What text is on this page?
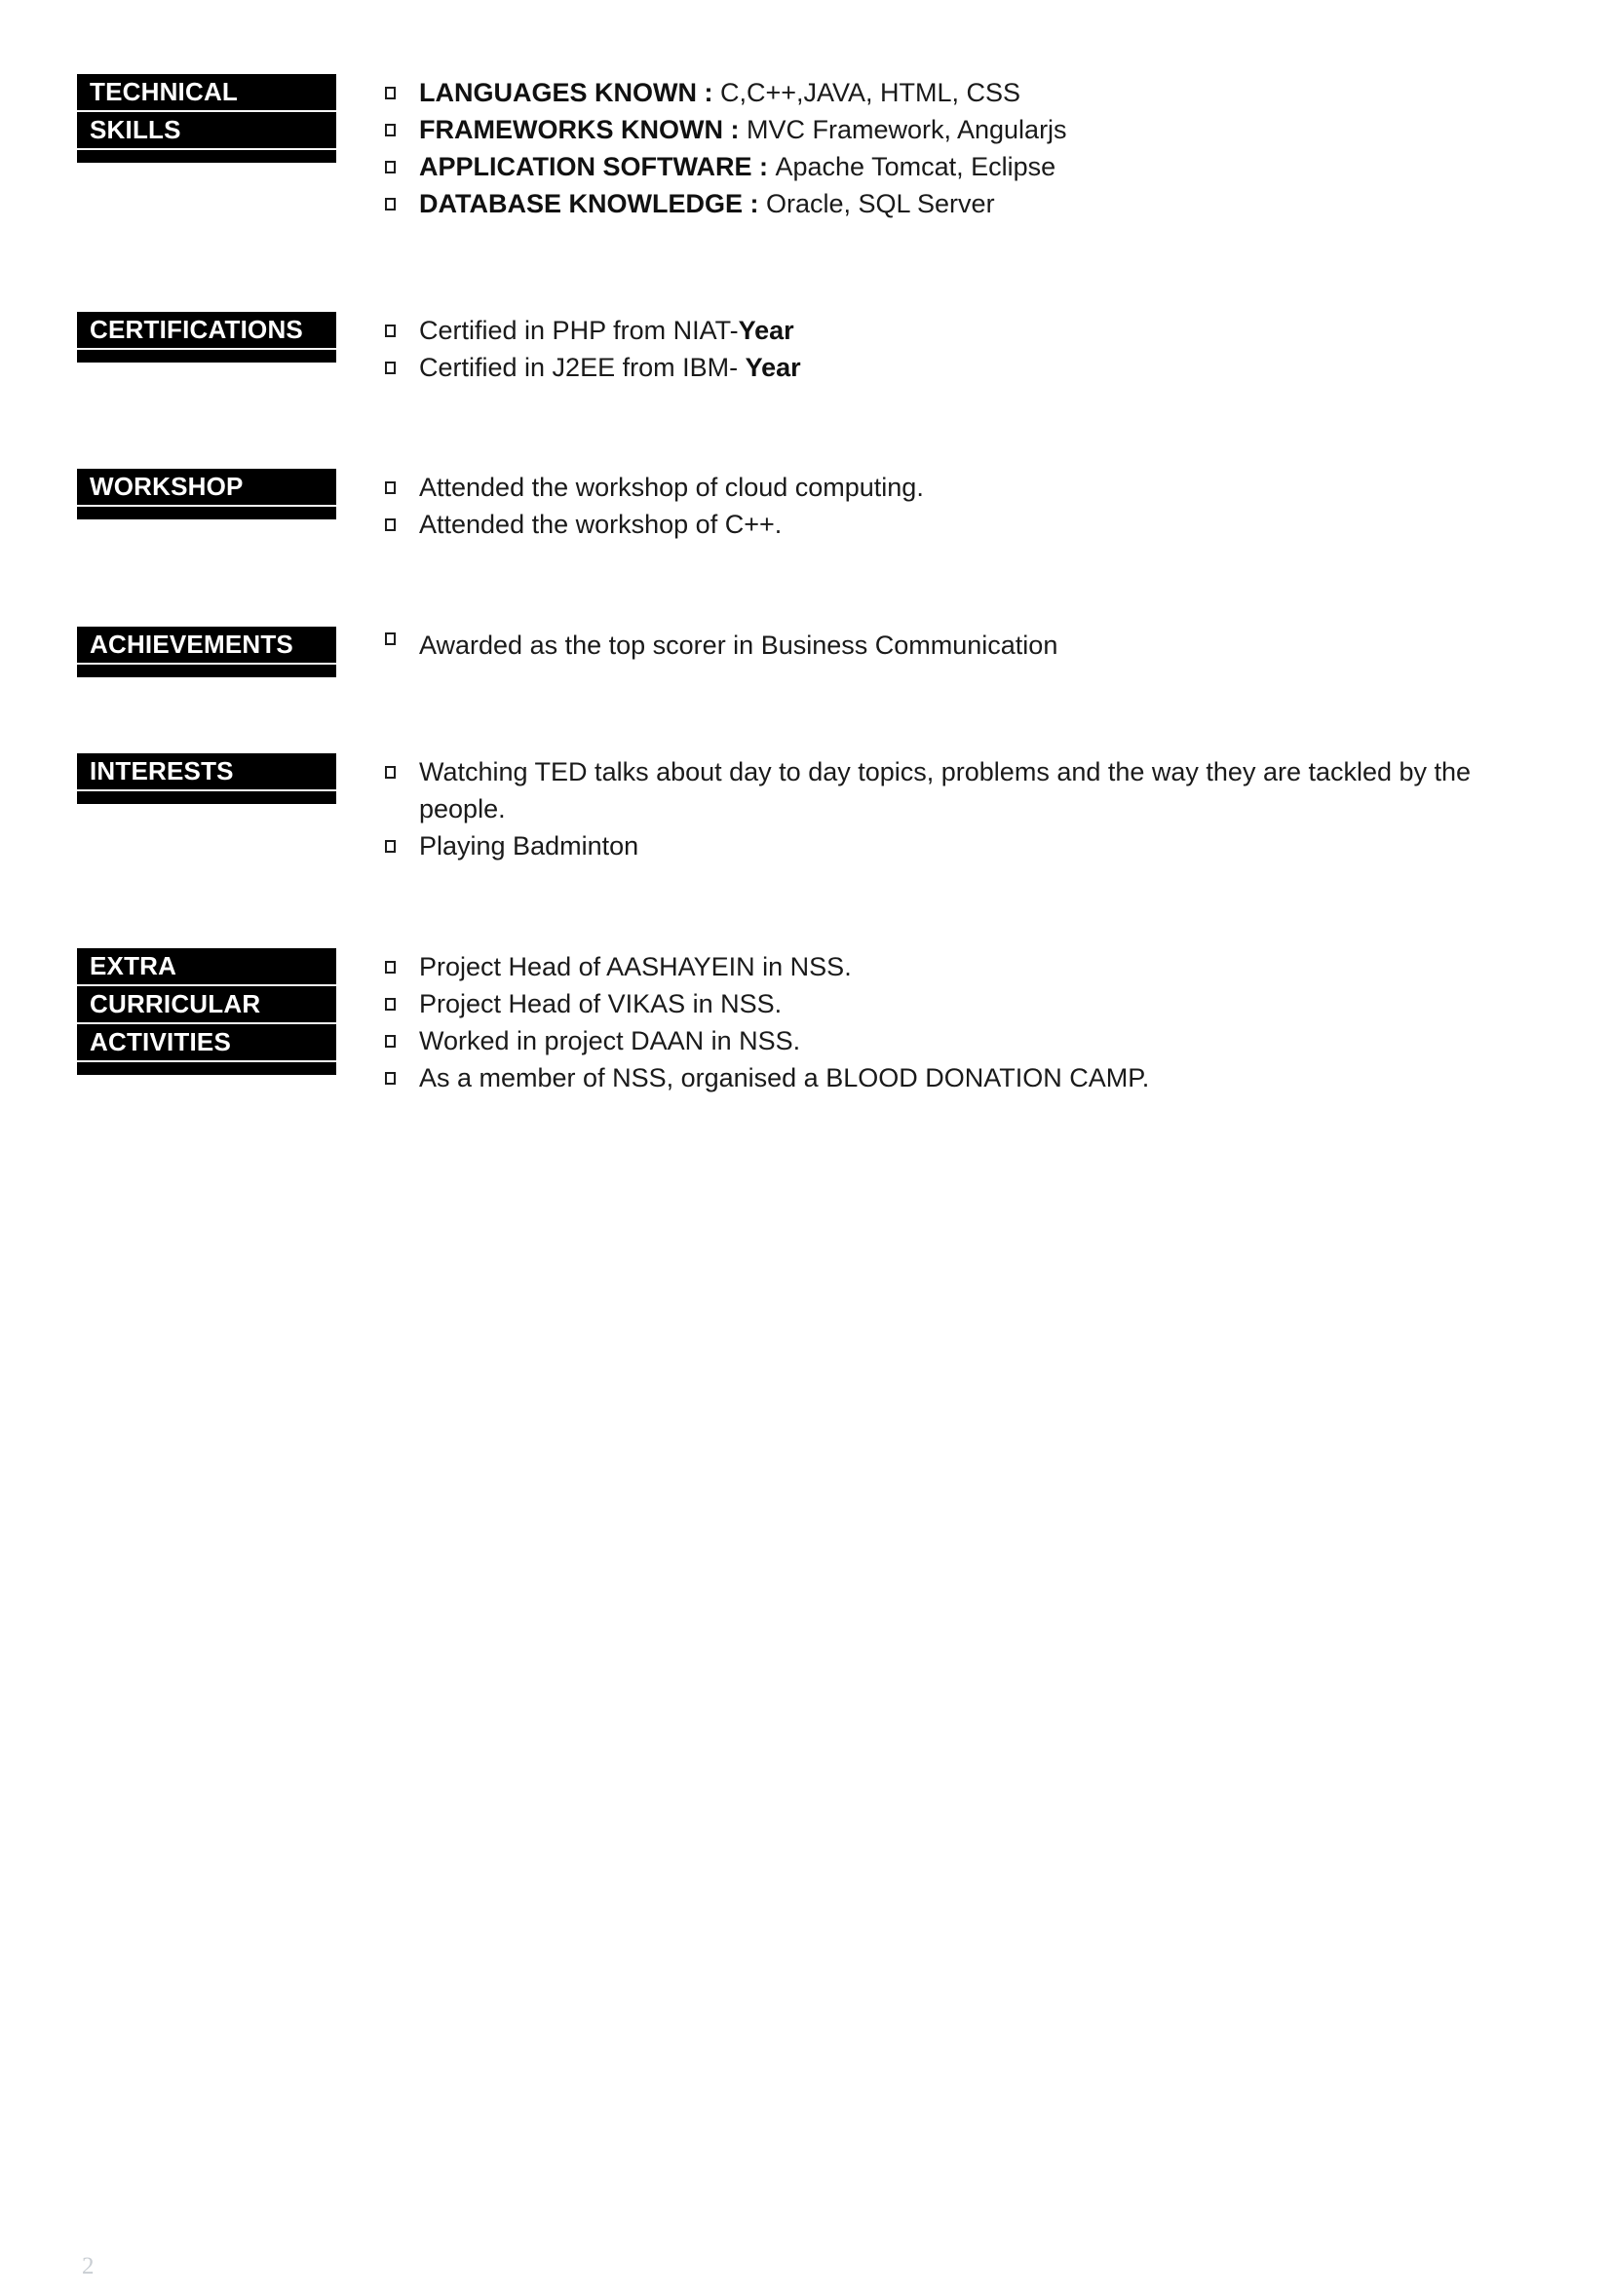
TECHNICAL
SKILLS
LANGUAGES KNOWN : C,C++,JAVA, HTML, CSS
FRAMEWORKS KNOWN : MVC Framework, Angularjs
APPLICATION SOFTWARE : Apache Tomcat, Eclipse
DATABASE KNOWLEDGE : Oracle, SQL Server
CERTIFICATIONS	Certified in PHP from NIAT-Year
Certified in J2EE from IBM- Year
WORKSHOP	Attended the workshop of cloud computing.
Attended the workshop of C++.
ACHIEVEMENTS	Awarded as the top scorer in Business Communication
INTERESTS	Watching TED talks about day to day topics, problems and the way they are tackled by the people.
Playing Badminton
EXTRA
CURRICULAR
ACTIVITIES
Project Head of AASHAYEIN in NSS.
Project Head of VIKAS in NSS.
Worked in project DAAN in NSS.
As a member of NSS, organised a BLOOD DONATION CAMP.
2
